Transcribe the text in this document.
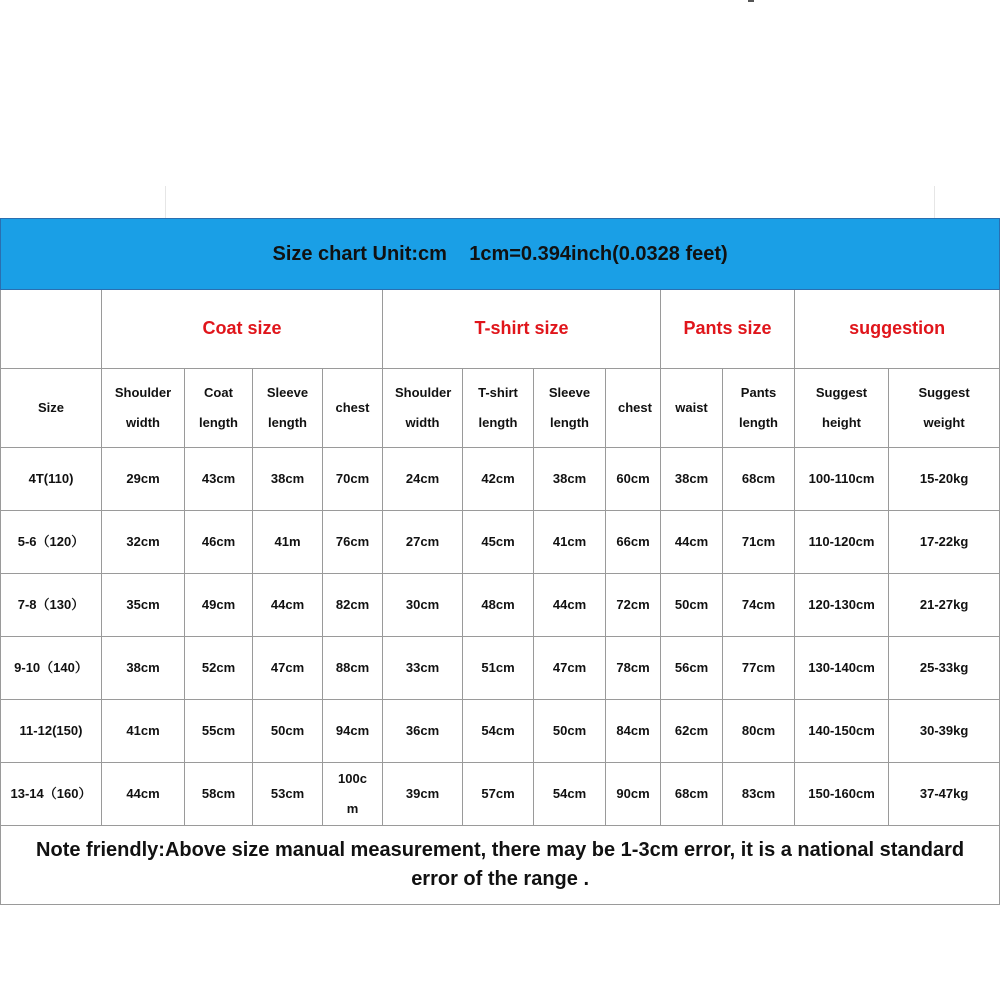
Size chart Unit:cm    1cm=0.394inch(0.0328 feet)												
	Coat size				T-shirt size				Pants size		suggestion	
Size	Shoulder width	Coat length	Sleeve length	chest	Shoulder width	T-shirt length	Sleeve length	chest	waist	Pants length	Suggest height	Suggest weight
4T(110)	29cm	43cm	38cm	70cm	24cm	42cm	38cm	60cm	38cm	68cm	100-110cm	15-20kg
5-6（120）	32cm	46cm	41m	76cm	27cm	45cm	41cm	66cm	44cm	71cm	110-120cm	17-22kg
7-8（130）	35cm	49cm	44cm	82cm	30cm	48cm	44cm	72cm	50cm	74cm	120-130cm	21-27kg
9-10（140）	38cm	52cm	47cm	88cm	33cm	51cm	47cm	78cm	56cm	77cm	130-140cm	25-33kg
11-12(150)	41cm	55cm	50cm	94cm	36cm	54cm	50cm	84cm	62cm	80cm	140-150cm	30-39kg
13-14（160）	44cm	58cm	53cm	100cm	39cm	57cm	54cm	90cm	68cm	83cm	150-160cm	37-47kg
Note friendly:Above size manual measurement, there may be 1-3cm error, it is a national standard error of the range .												
